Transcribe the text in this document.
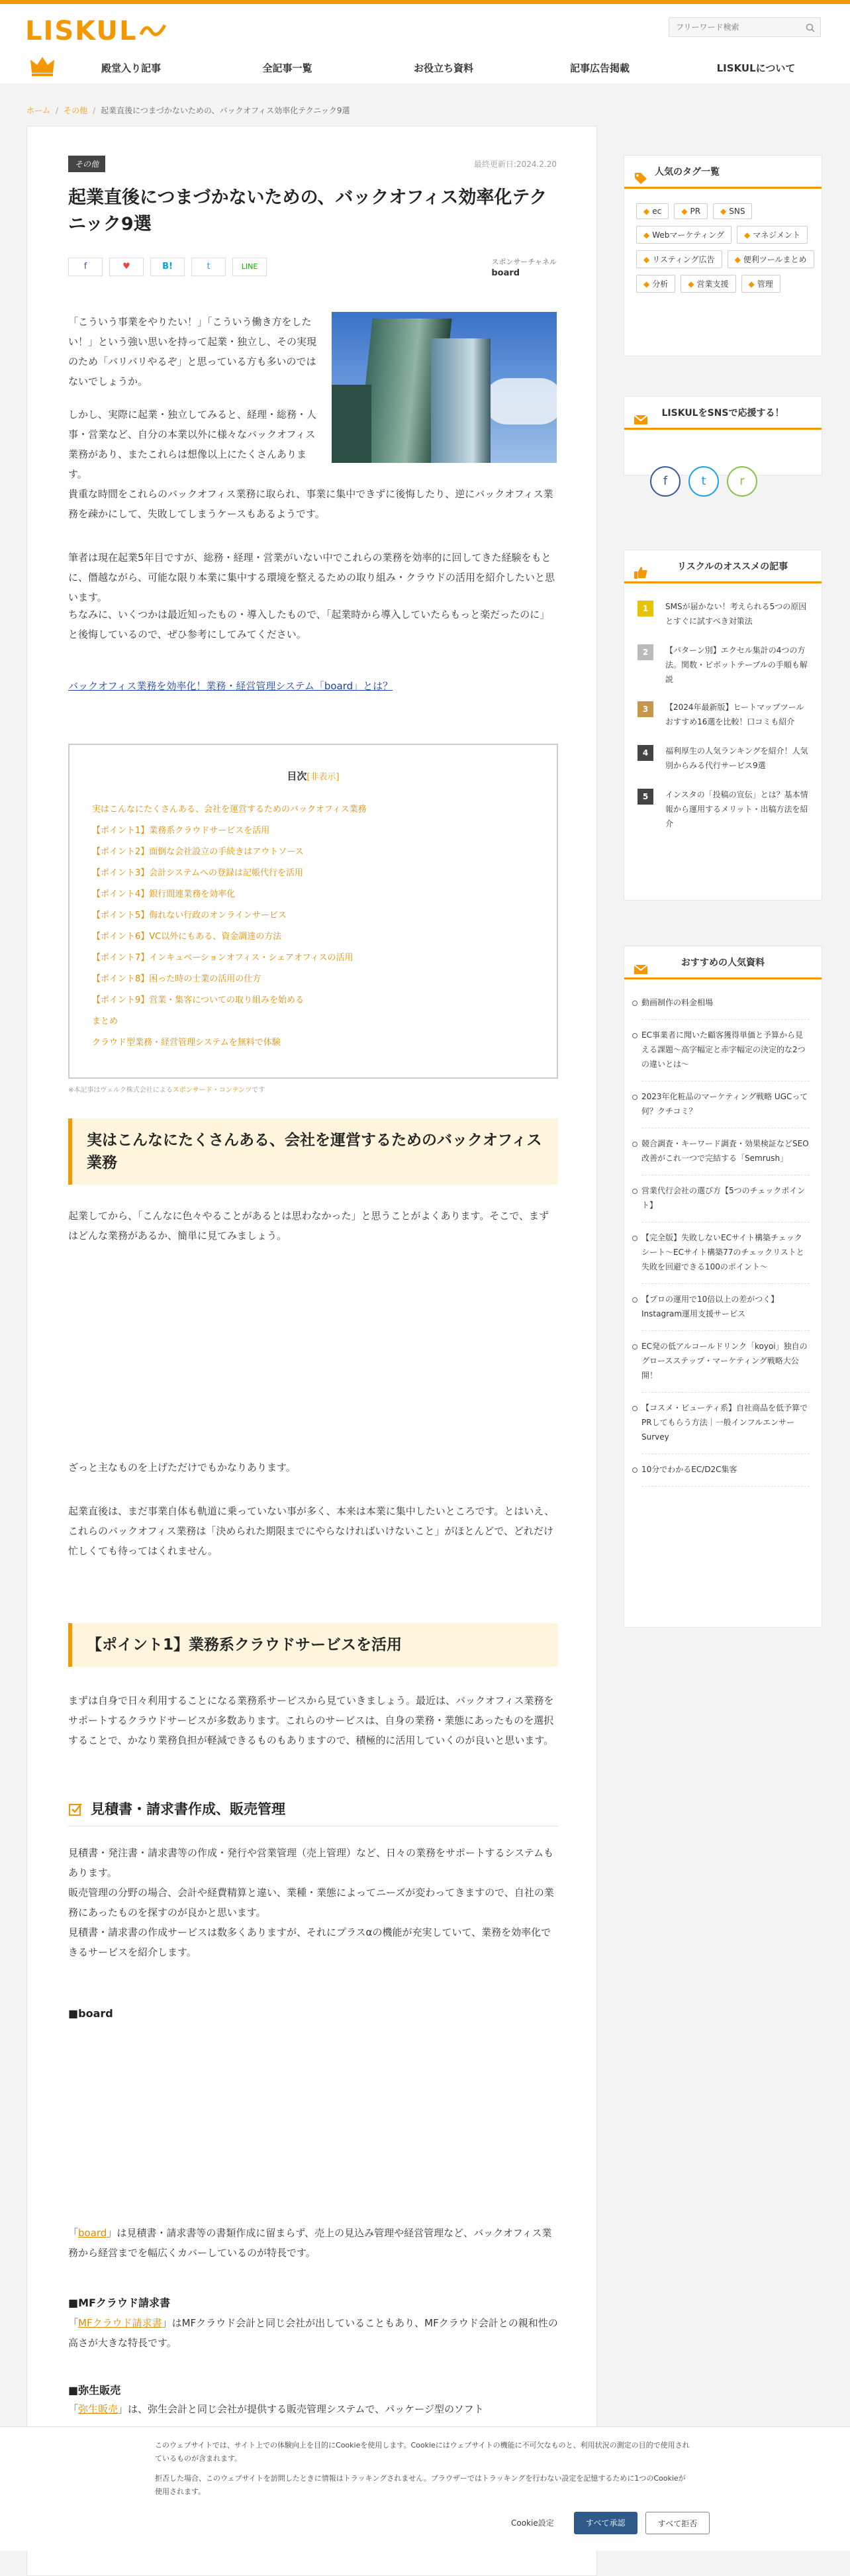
LISKUL
フリーワード検索
殿堂入り記事	全記事一覧	お役立ち資料	記事広告掲載	LISKULについて
ホーム / その他 / 起業直後につまづかないための、バックオフィス効率化テクニック9選
その他	最終更新日:2024.2.20
起業直後につまづかないための、バックオフィス効率化テクニック9選
f	♥	B!	t	LINE
スポンサーチャネル
board
「こういう事業をやりたい！」「こういう働き方をしたい！」という強い思いを持って起業・独立し、その実現のため「バリバリやるぞ」と思っている方も多いのではないでしょうか。
しかし、実際に起業・独立してみると、経理・総務・人事・営業など、自分の本業以外に様々なバックオフィス業務があり、またこれらは想像以上にたくさんあります。
貴重な時間をこれらのバックオフィス業務に取られ、事業に集中できずに後悔したり、逆にバックオフィス業務を疎かにして、失敗してしまうケースもあるようです。
筆者は現在起業5年目ですが、総務・経理・営業がいない中でこれらの業務を効率的に回してきた経験をもとに、僭越ながら、可能な限り本業に集中する環境を整えるための取り組み・クラウドの活用を紹介したいと思います。
ちなみに、いくつかは最近知ったもの・導入したもので、「起業時から導入していたらもっと楽だったのに」と後悔しているので、ぜひ参考にしてみてください。
バックオフィス業務を効率化！業務・経営管理システム「board」とは？
目次[非表示]
実はこんなにたくさんある、会社を運営するためのバックオフィス業務
【ポイント1】業務系クラウドサービスを活用
【ポイント2】面倒な会社設立の手続きはアウトソース
【ポイント3】会計システムへの登録は記帳代行を活用
【ポイント4】銀行間連業務を効率化
【ポイント5】侮れない行政のオンラインサービス
【ポイント6】VC以外にもある、資金調達の方法
【ポイント7】インキュベーションオフィス・シェアオフィスの活用
【ポイント8】困った時の士業の活用の仕方
【ポイント9】営業・集客についての取り組みを始める
まとめ
クラウド型業務・経営管理システムを無料で体験
※本記事はヴェルク株式会社によるスポンサード・コンテンツです
実はこんなにたくさんある、会社を運営するためのバックオフィス業務
起業してから、「こんなに色々やることがあるとは思わなかった」と思うことがよくあります。そこで、まずはどんな業務があるか、簡単に見てみましょう。
ざっと主なものを上げただけでもかなりあります。
起業直後は、まだ事業自体も軌道に乗っていない事が多く、本来は本業に集中したいところです。とはいえ、これらのバックオフィス業務は「決められた期限までにやらなければいけないこと」がほとんどで、どれだけ忙しくても待ってはくれません。
【ポイント1】業務系クラウドサービスを活用
まずは自身で日々利用することになる業務系サービスから見ていきましょう。最近は、バックオフィス業務をサポートするクラウドサービスが多数あります。これらのサービスは、自身の業務・業態にあったものを選択することで、かなり業務負担が軽減できるものもありますので、積極的に活用していくのが良いと思います。
見積書・請求書作成、販売管理
見積書・発注書・請求書等の作成・発行や営業管理（売上管理）など、日々の業務をサポートするシステムもあります。
販売管理の分野の場合、会計や経費精算と違い、業種・業態によってニーズが変わってきますので、自社の業務にあったものを探すのが良かと思います。
見積書・請求書の作成サービスは数多くありますが、それにプラスαの機能が充実していて、業務を効率化できるサービスを紹介します。
■board
「board」は見積書・請求書等の書類作成に留まらず、売上の見込み管理や経営管理など、バックオフィス業務から経営までを幅広くカバーしているのが特長です。
■MFクラウド請求書
「MFクラウド請求書」はMFクラウド会計と同じ会社が出していることもあり、MFクラウド会計との親和性の高さが大きな特長です。
■弥生販売
「弥生販売」は、弥生会計と同じ会社が提供する販売管理システムで、パッケージ型のソフト
人気のタグ一覧
◆ ec	◆ PR	◆ SNS
◆ Webマーケティング	◆ マネジメント
◆ リスティング広告	◆ 便利ツールまとめ
◆ 分析	◆ 営業支援	◆ 管理
LISKULをSNSで応援する！
f	t	r
リスクルのオススメの記事
1	SMSが届かない！考えられる5つの原因とすぐに試すべき対策法
2	【パターン別】エクセル集計の4つの方法。関数・ピボットテーブルの手順も解説
3	【2024年最新版】ヒートマップツールおすすめ16選を比較！口コミも紹介
4	福利厚生の人気ランキングを紹介！人気別からみる代行サービス9選
5	インスタの「投稿の宣伝」とは？基本情報から運用するメリット・出稿方法を紹介
おすすめの人気資料
動画制作の料金相場
EC事業者に聞いた顧客獲得単価と予算から見える課題〜高字幅定と赤字幅定の決定的な2つの違いとは〜
2023年化粧品のマーケティング戦略 UGCって何？クチコミ？
競合調査・キーワード調査・効果検証などSEO改善がこれ一つで完結する「Semrush」
営業代行会社の選び方【5つのチェックポイント】
【完全版】失敗しないECサイト構築チェックシート〜ECサイト構築77のチェックリストと失敗を回避できる100のポイント〜
【プロの運用で10倍以上の差がつく】Instagram運用支援サービス
EC発の低アルコールドリンク「koyoi」独自のグロースステップ・マーケティング戦略大公開！
【コスメ・ビューティ系】自社商品を低予算でPRしてもらう方法｜一般インフルエンサーSurvey
10分でわかるEC/D2C集客

このウェブサイトでは、サイト上での体験向上を目的にCookieを使用します。Cookieにはウェブサイトの機能に不可欠なものと、利用状況の測定の目的で使用されているものが含まれます。

拒否した場合、このウェブサイトを訪問したときに情報はトラッキングされません。ブラウザーではトラッキングを行わない設定を記憶するために1つのCookieが使用されます。

Cookie設定	すべて承認	すべて拒否
